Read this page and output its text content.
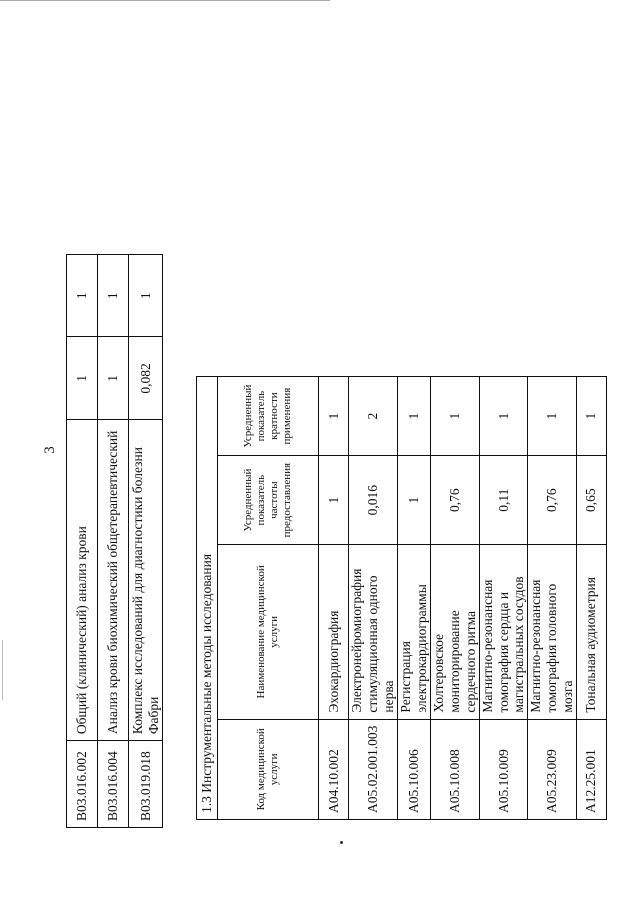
3
B03.016.002	Общий (клинический) анализ крови	1	1
B03.016.004	Анализ крови биохимический общетерапевтический	1	1
B03.019.018	Комплекс исследований для диагностики болезни Фабри	0,082	1
1.3 Инструментальные методы исследования			
Код медицинской услуги	Наименование медицинской услуги	Усредненный показатель частоты предоставления	Усредненный показатель кратности применения
A04.10.002	Эхокардиография	1	1
A05.02.001.003	Электронейромиография стимуляционная одного нерва	0,016	2
A05.10.006	Регистрация электрокардиограммы	1	1
A05.10.008	Холтеровское мониторирование сердечного ритма	0,76	1
A05.10.009	Магнитно-резонансная томография сердца и магистральных сосудов	0,11	1
A05.23.009	Магнитно-резонансная томография головного мозга	0,76	1
A12.25.001	Тональная аудиометрия	0,65	1
